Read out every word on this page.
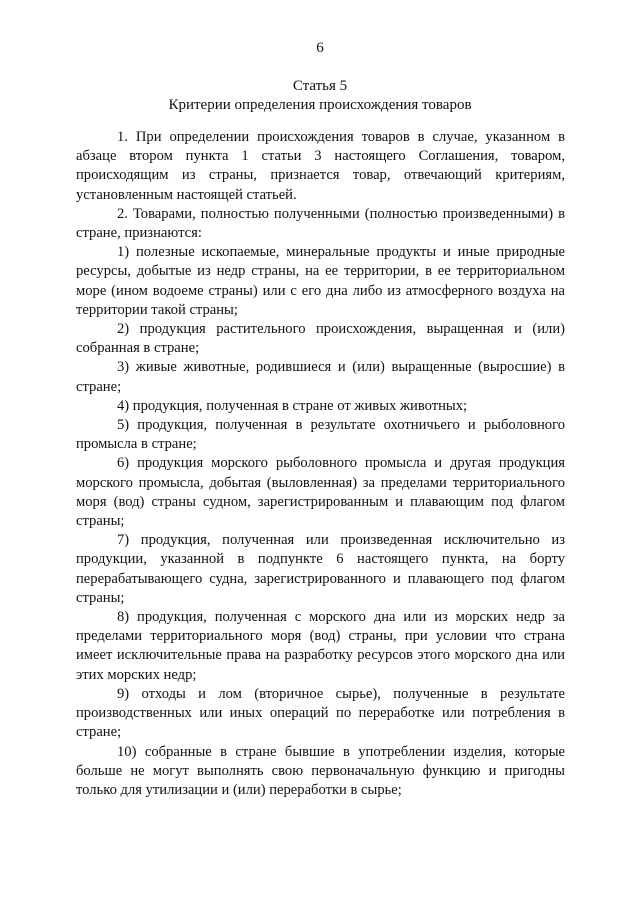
6
Статья 5
Критерии определения происхождения товаров

1. При определении происхождения товаров в случае, указанном в абзаце втором пункта 1 статьи 3 настоящего Соглашения, товаром, происходящим из страны, признается товар, отвечающий критериям, установленным настоящей статьей.

2. Товарами, полностью полученными (полностью произведенными) в стране, признаются:

1) полезные ископаемые, минеральные продукты и иные природные ресурсы, добытые из недр страны, на ее территории, в ее территориальном море (ином водоеме страны) или с его дна либо из атмосферного воздуха на территории такой страны;

2) продукция растительного происхождения, выращенная и (или) собранная в стране;

3) живые животные, родившиеся и (или) выращенные (выросшие) в стране;

4) продукция, полученная в стране от живых животных;

5) продукция, полученная в результате охотничьего и рыболовного промысла в стране;

6) продукция морского рыболовного промысла и другая продукция морского промысла, добытая (выловленная) за пределами территориального моря (вод) страны судном, зарегистрированным и плавающим под флагом страны;

7) продукция, полученная или произведенная исключительно из продукции, указанной в подпункте 6 настоящего пункта, на борту перерабатывающего судна, зарегистрированного и плавающего под флагом страны;

8) продукция, полученная с морского дна или из морских недр за пределами территориального моря (вод) страны, при условии что страна имеет исключительные права на разработку ресурсов этого морского дна или этих морских недр;

9) отходы и лом (вторичное сырье), полученные в результате производственных или иных операций по переработке или потребления в стране;

10) собранные в стране бывшие в употреблении изделия, которые больше не могут выполнять свою первоначальную функцию и пригодны только для утилизации и (или) переработки в сырье;
